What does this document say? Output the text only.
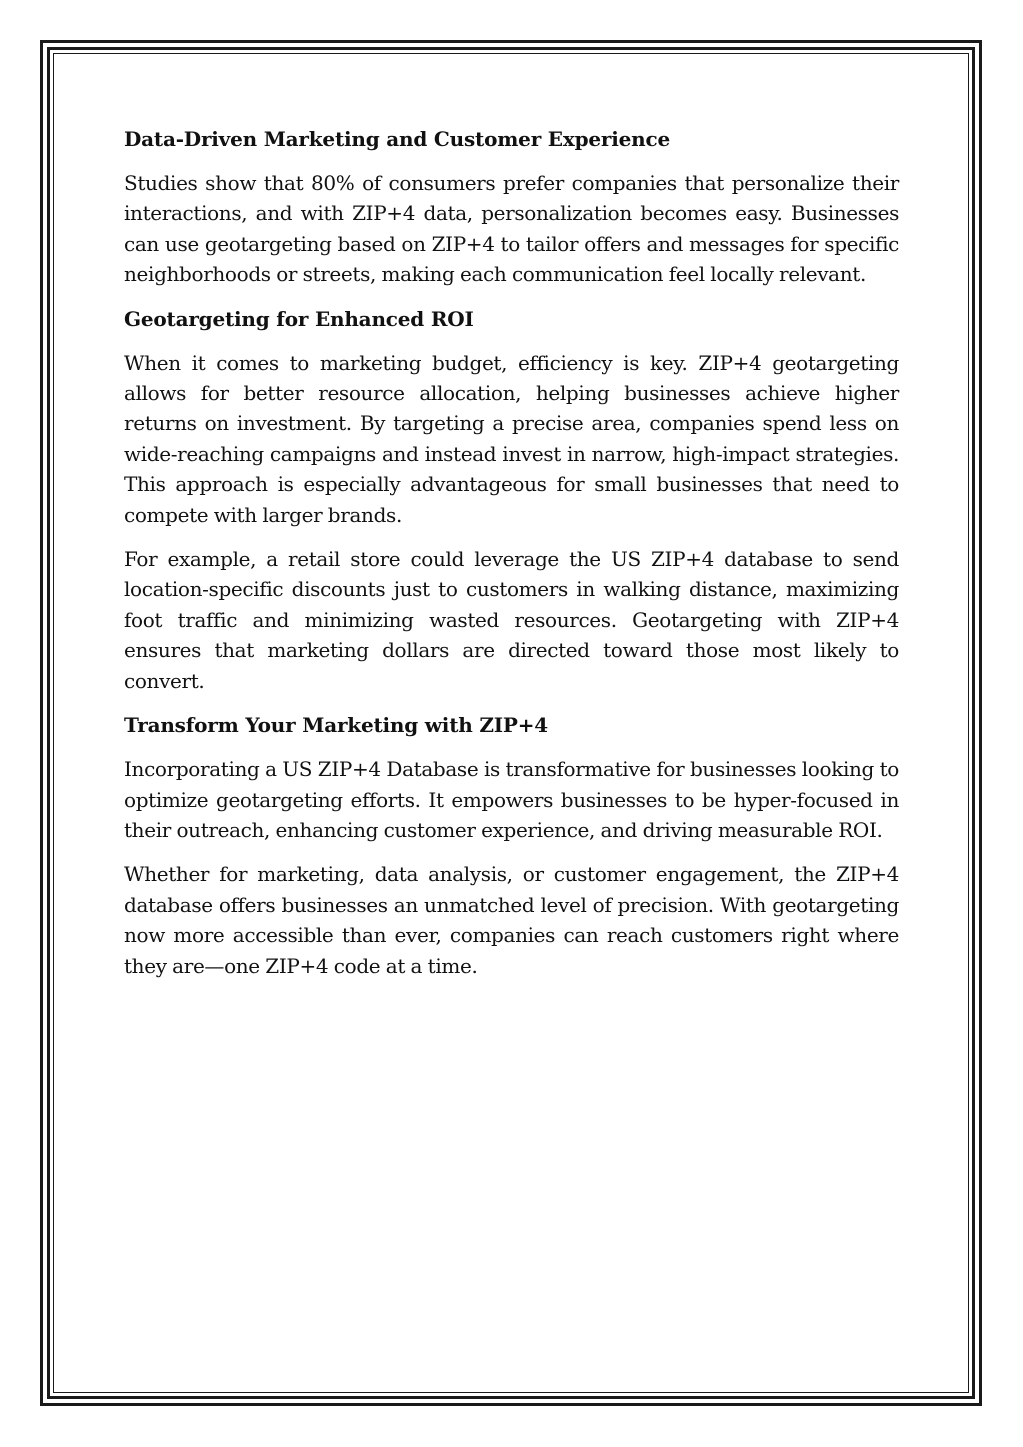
Data-Driven Marketing and Customer Experience

Studies show that 80% of consumers prefer companies that personalize their interactions, and with ZIP+4 data, personalization becomes easy. Businesses can use geotargeting based on ZIP+4 to tailor offers and messages for specific neighborhoods or streets, making each communication feel locally relevant.

Geotargeting for Enhanced ROI

When it comes to marketing budget, efficiency is key. ZIP+4 geotargeting allows for better resource allocation, helping businesses achieve higher returns on investment. By targeting a precise area, companies spend less on wide-reaching campaigns and instead invest in narrow, high-impact strategies. This approach is especially advantageous for small businesses that need to compete with larger brands.

For example, a retail store could leverage the US ZIP+4 database to send location-specific discounts just to customers in walking distance, maximizing foot traffic and minimizing wasted resources. Geotargeting with ZIP+4 ensures that marketing dollars are directed toward those most likely to convert.

Transform Your Marketing with ZIP+4

Incorporating a US ZIP+4 Database is transformative for businesses looking to optimize geotargeting efforts. It empowers businesses to be hyper-focused in their outreach, enhancing customer experience, and driving measurable ROI.

Whether for marketing, data analysis, or customer engagement, the ZIP+4 database offers businesses an unmatched level of precision. With geotargeting now more accessible than ever, companies can reach customers right where they are—one ZIP+4 code at a time.
